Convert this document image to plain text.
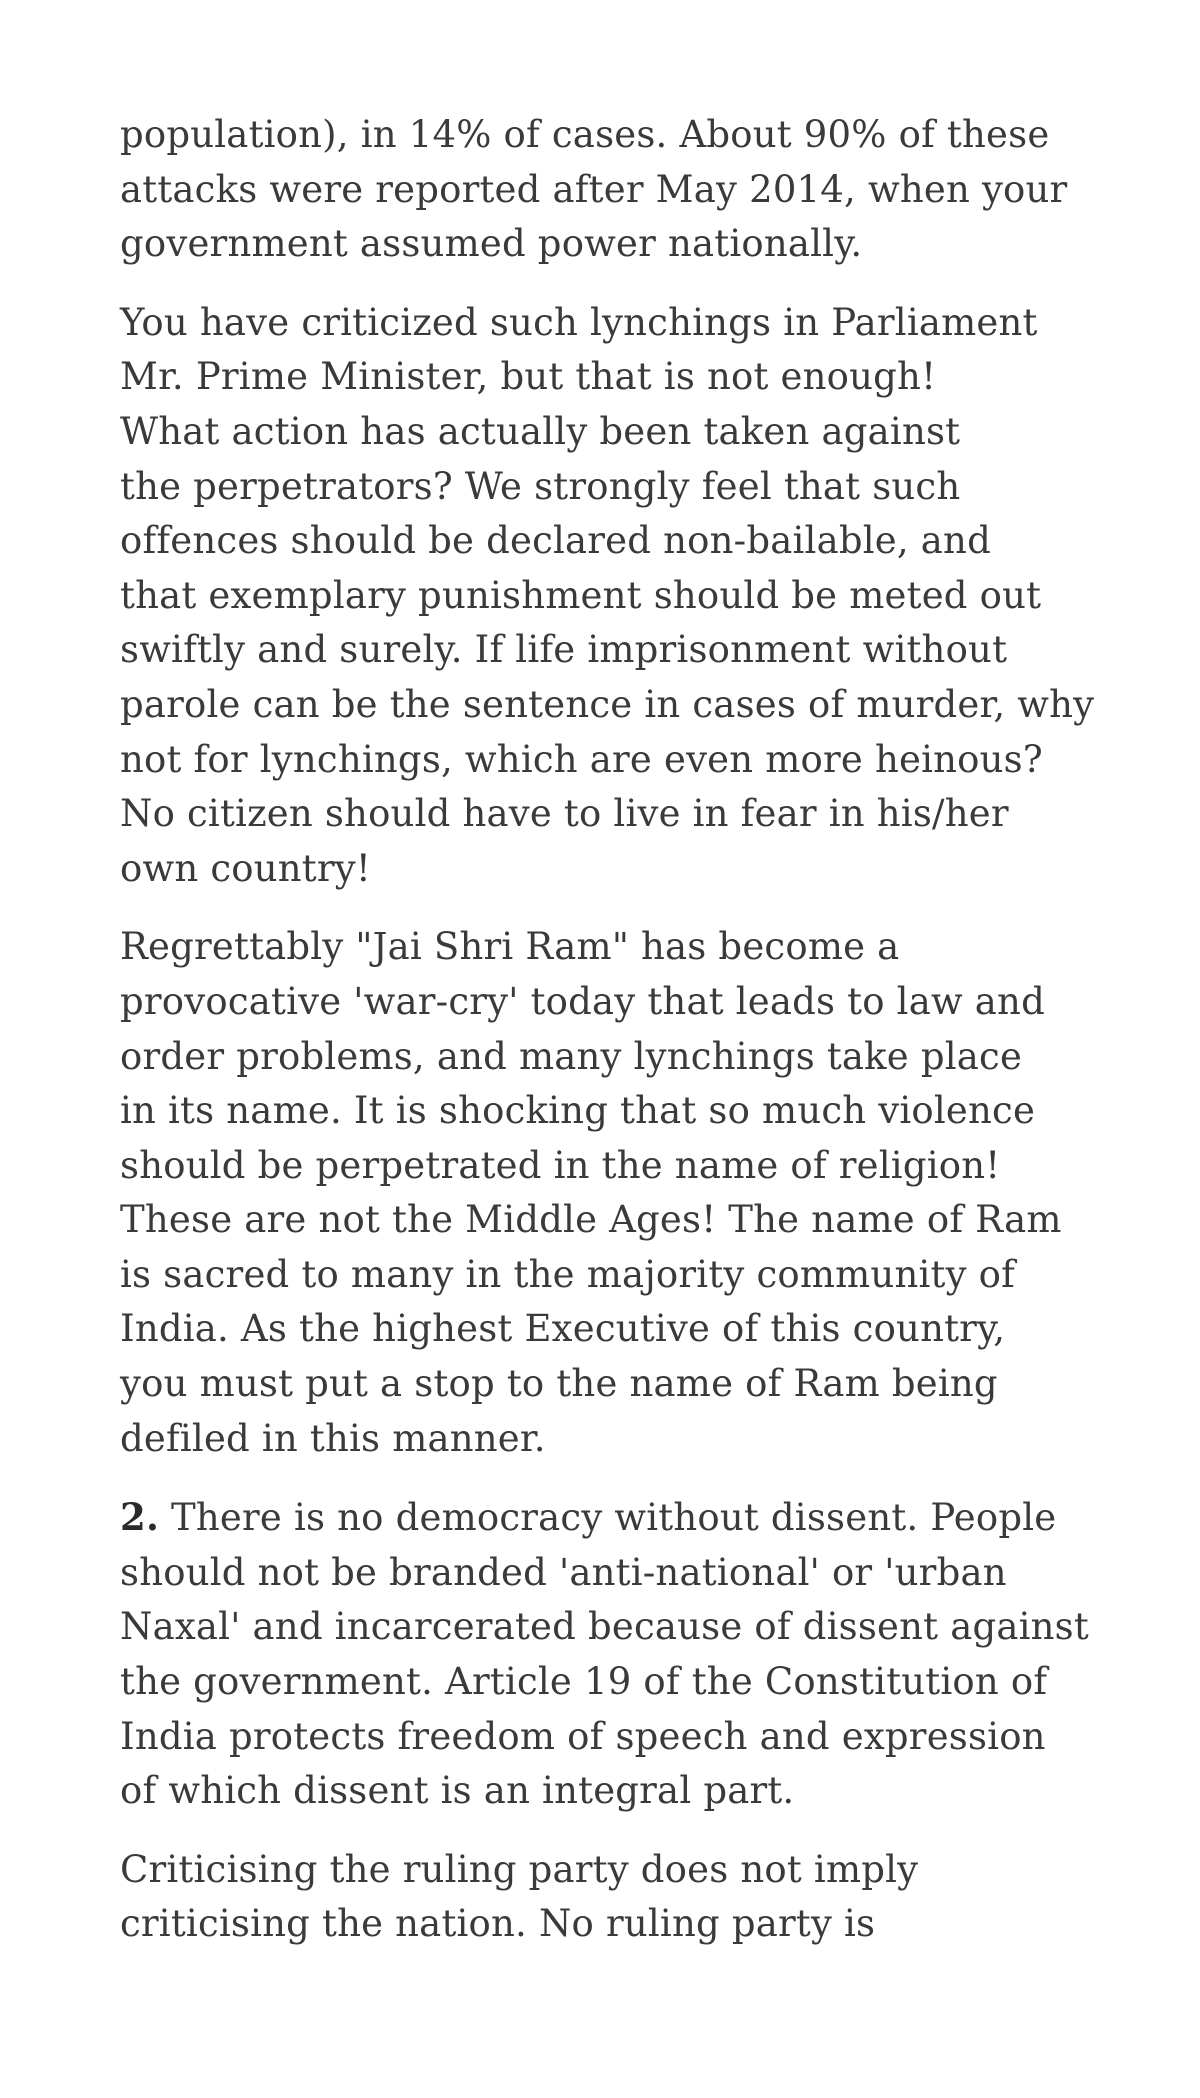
population), in 14% of cases. About 90% of these
attacks were reported after May 2014, when your
government assumed power nationally.

You have criticized such lynchings in Parliament
Mr. Prime Minister, but that is not enough!
What action has actually been taken against
the perpetrators? We strongly feel that such
offences should be declared non-bailable, and
that exemplary punishment should be meted out
swiftly and surely. If life imprisonment without
parole can be the sentence in cases of murder, why
not for lynchings, which are even more heinous?
No citizen should have to live in fear in his/her
own country!

Regrettably "Jai Shri Ram" has become a
provocative 'war-cry' today that leads to law and
order problems, and many lynchings take place
in its name. It is shocking that so much violence
should be perpetrated in the name of religion!
These are not the Middle Ages! The name of Ram
is sacred to many in the majority community of
India. As the highest Executive of this country,
you must put a stop to the name of Ram being
defiled in this manner.

2. There is no democracy without dissent. People
should not be branded 'anti-national' or 'urban
Naxal' and incarcerated because of dissent against
the government. Article 19 of the Constitution of
India protects freedom of speech and expression
of which dissent is an integral part.

Criticising the ruling party does not imply
criticising the nation. No ruling party is
